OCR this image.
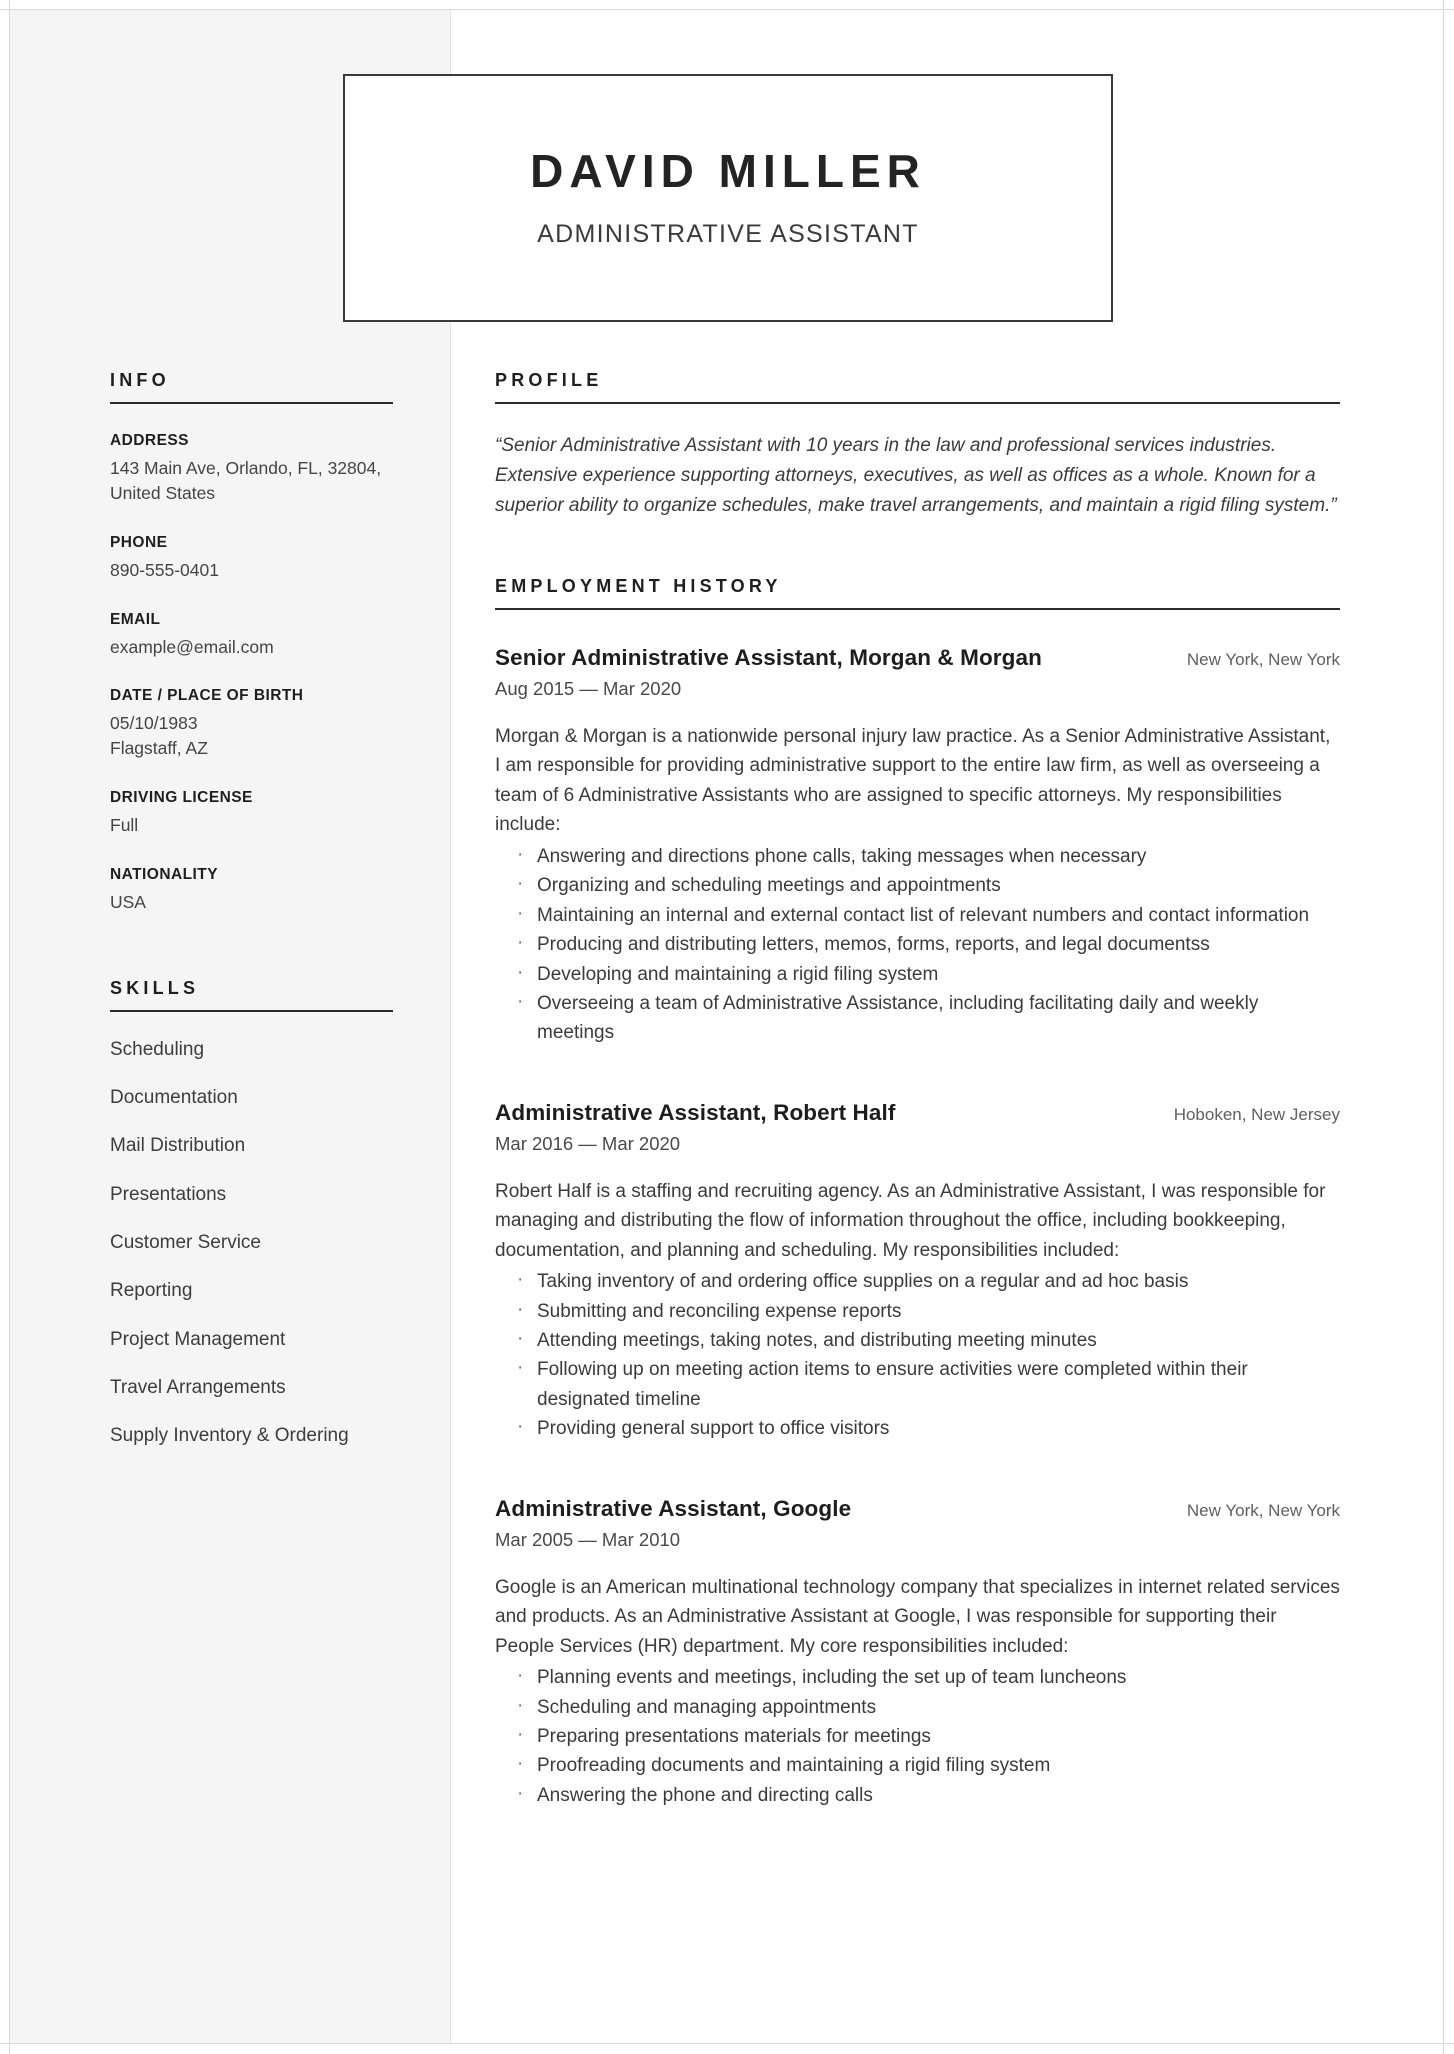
DAVID MILLER
ADMINISTRATIVE ASSISTANT
INFO
ADDRESS
143 Main Ave, Orlando, FL, 32804, United States
PHONE
890-555-0401
EMAIL
example@email.com
DATE / PLACE OF BIRTH
05/10/1983
Flagstaff, AZ
DRIVING LICENSE
Full
NATIONALITY
USA
SKILLS
Scheduling
Documentation
Mail Distribution
Presentations
Customer Service
Reporting
Project Management
Travel Arrangements
Supply Inventory & Ordering
PROFILE
“Senior Administrative Assistant with 10 years in the law and professional services industries. Extensive experience supporting attorneys, executives, as well as offices as a whole. Known for a superior ability to organize schedules, make travel arrangements, and maintain a rigid filing system.”
EMPLOYMENT HISTORY
Senior Administrative Assistant, Morgan & Morgan	New York, New York
Aug 2015 — Mar 2020
Morgan & Morgan is a nationwide personal injury law practice. As a Senior Administrative Assistant, I am responsible for providing administrative support to the entire law firm, as well as overseeing a team of 6 Administrative Assistants who are assigned to specific attorneys. My responsibilities include:
· Answering and directions phone calls, taking messages when necessary
· Organizing and scheduling meetings and appointments
· Maintaining an internal and external contact list of relevant numbers and contact information
· Producing and distributing letters, memos, forms, reports, and legal documentss
· Developing and maintaining a rigid filing system
· Overseeing a team of Administrative Assistance, including facilitating daily and weekly meetings
Administrative Assistant, Robert Half	Hoboken, New Jersey
Mar 2016 — Mar 2020
Robert Half is a staffing and recruiting agency. As an Administrative Assistant, I was responsible for managing and distributing the flow of information throughout the office, including bookkeeping, documentation, and planning and scheduling. My responsibilities included:
· Taking inventory of and ordering office supplies on a regular and ad hoc basis
· Submitting and reconciling expense reports
· Attending meetings, taking notes, and distributing meeting minutes
· Following up on meeting action items to ensure activities were completed within their designated timeline
· Providing general support to office visitors
Administrative Assistant, Google	New York, New York
Mar 2005 — Mar 2010
Google is an American multinational technology company that specializes in internet related services and products. As an Administrative Assistant at Google, I was responsible for supporting their People Services (HR) department. My core responsibilities included:
· Planning events and meetings, including the set up of team luncheons
· Scheduling and managing appointments
· Preparing presentations materials for meetings
· Proofreading documents and maintaining a rigid filing system
· Answering the phone and directing calls
